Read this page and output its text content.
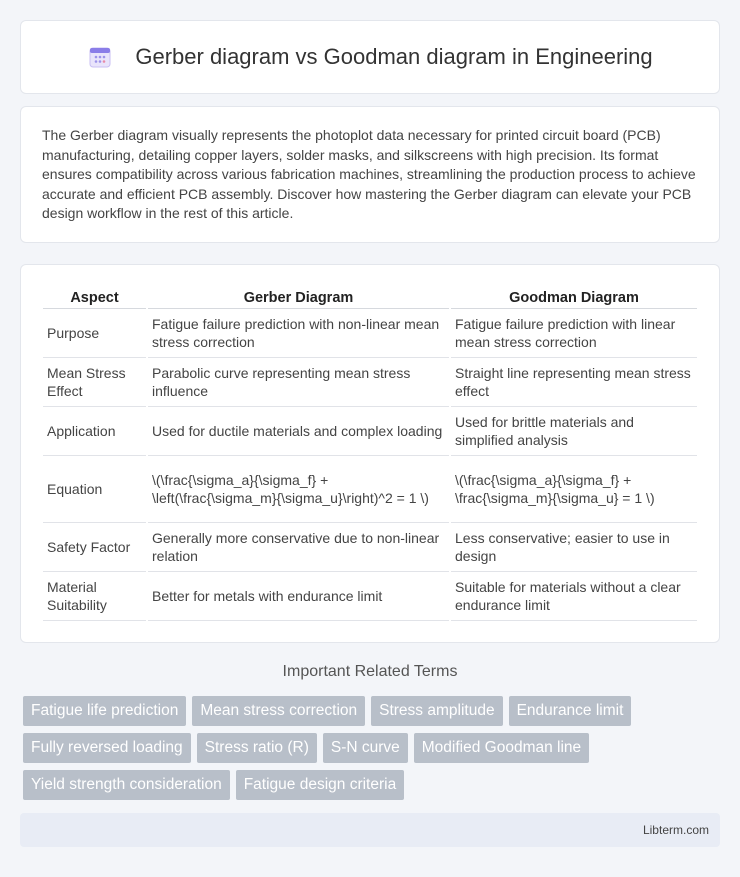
Gerber diagram vs Goodman diagram in Engineering

The Gerber diagram visually represents the photoplot data necessary for printed circuit board (PCB) manufacturing, detailing copper layers, solder masks, and silkscreens with high precision. Its format ensures compatibility across various fabrication machines, streamlining the production process to achieve accurate and efficient PCB assembly. Discover how mastering the Gerber diagram can elevate your PCB design workflow in the rest of this article.

Aspect	Gerber Diagram	Goodman Diagram
Purpose	Fatigue failure prediction with non-linear mean stress correction	Fatigue failure prediction with linear mean stress correction
Mean Stress Effect	Parabolic curve representing mean stress influence	Straight line representing mean stress effect
Application	Used for ductile materials and complex loading	Used for brittle materials and simplified analysis
Equation	\(\frac{\sigma_a}{\sigma_f} + \left(\frac{\sigma_m}{\sigma_u}\right)^2 = 1 \)	\(\frac{\sigma_a}{\sigma_f} + \frac{\sigma_m}{\sigma_u} = 1 \)
Safety Factor	Generally more conservative due to non-linear relation	Less conservative; easier to use in design
Material Suitability	Better for metals with endurance limit	Suitable for materials without a clear endurance limit
Important Related Terms
Fatigue life prediction	Mean stress correction	Stress amplitude	Endurance limit
Fully reversed loading	Stress ratio (R)	S-N curve	Modified Goodman line
Yield strength consideration	Fatigue design criteria
Libterm.com
